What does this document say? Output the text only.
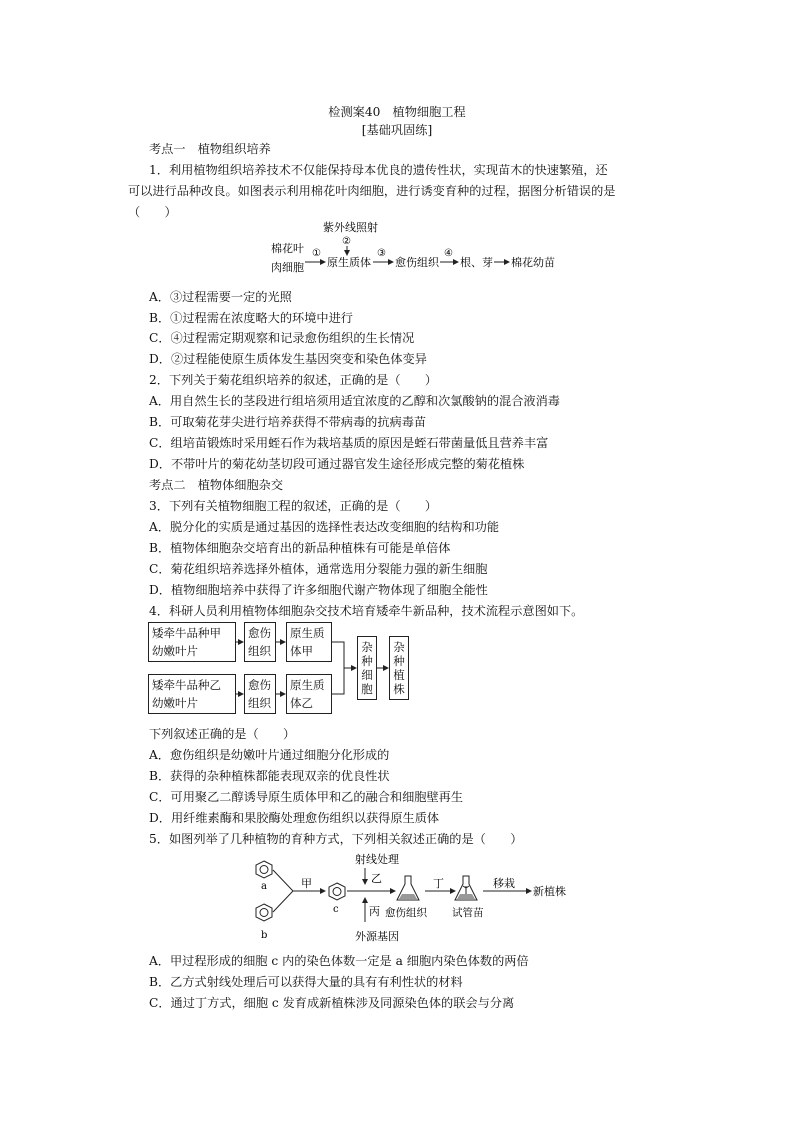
检测案40　植物细胞工程
[基础巩固练]
考点一　植物组织培养
1．利用植物组织培养技术不仅能保持母本优良的遗传性状，实现苗木的快速繁殖，还
可以进行品种改良。如图表示利用棉花叶肉细胞，进行诱变育种的过程，据图分析错误的是
（　　）
紫外线照射
②
棉花叶
肉细胞
①
原生质体
③
愈伤组织
④
根、芽 棉花幼苗
A．③过程需要一定的光照
B．①过程需在浓度略大的环境中进行
C．④过程需定期观察和记录愈伤组织的生长情况
D．②过程能使原生质体发生基因突变和染色体变异
2．下列关于菊花组织培养的叙述，正确的是（　　）
A．用自然生长的茎段进行组培须用适宜浓度的乙醇和次氯酸钠的混合液消毒
B．可取菊花芽尖进行培养获得不带病毒的抗病毒苗
C．组培苗锻炼时采用蛭石作为栽培基质的原因是蛭石带菌量低且营养丰富
D．不带叶片的菊花幼茎切段可通过器官发生途径形成完整的菊花植株
考点二　植物体细胞杂交
3．下列有关植物细胞工程的叙述，正确的是（　　）
A．脱分化的实质是通过基因的选择性表达改变细胞的结构和功能
B．植物体细胞杂交培育出的新品种植株有可能是单倍体
C．菊花组织培养选择外植体，通常选用分裂能力强的新生细胞
D．植物细胞培养中获得了许多细胞代谢产物体现了细胞全能性
4．科研人员利用植物体细胞杂交技术培育矮牵牛新品种，技术流程示意图如下。
矮牵牛品种甲
幼嫩叶片
愈伤
组织
原生质
体甲
矮牵牛品种乙
幼嫩叶片
愈伤
组织
原生质
体乙
杂
种
细
胞
杂
种
植
株
下列叙述正确的是（　　）
A．愈伤组织是幼嫩叶片通过细胞分化形成的
B．获得的杂种植株都能表现双亲的优良性状
C．可用聚乙二醇诱导原生质体甲和乙的融合和细胞壁再生
D．用纤维素酶和果胶酶处理愈伤组织以获得原生质体
5．如图列举了几种植物的育种方式，下列相关叙述正确的是（　　）
a
b
甲
c
射线处理
乙
丙
外源基因
愈伤组织
丁
试管苗
移栽
新植株
A．甲过程形成的细胞 c 内的染色体数一定是 a 细胞内染色体数的两倍
B．乙方式射线处理后可以获得大量的具有有利性状的材料
C．通过丁方式，细胞 c 发育成新植株涉及同源染色体的联会与分离
